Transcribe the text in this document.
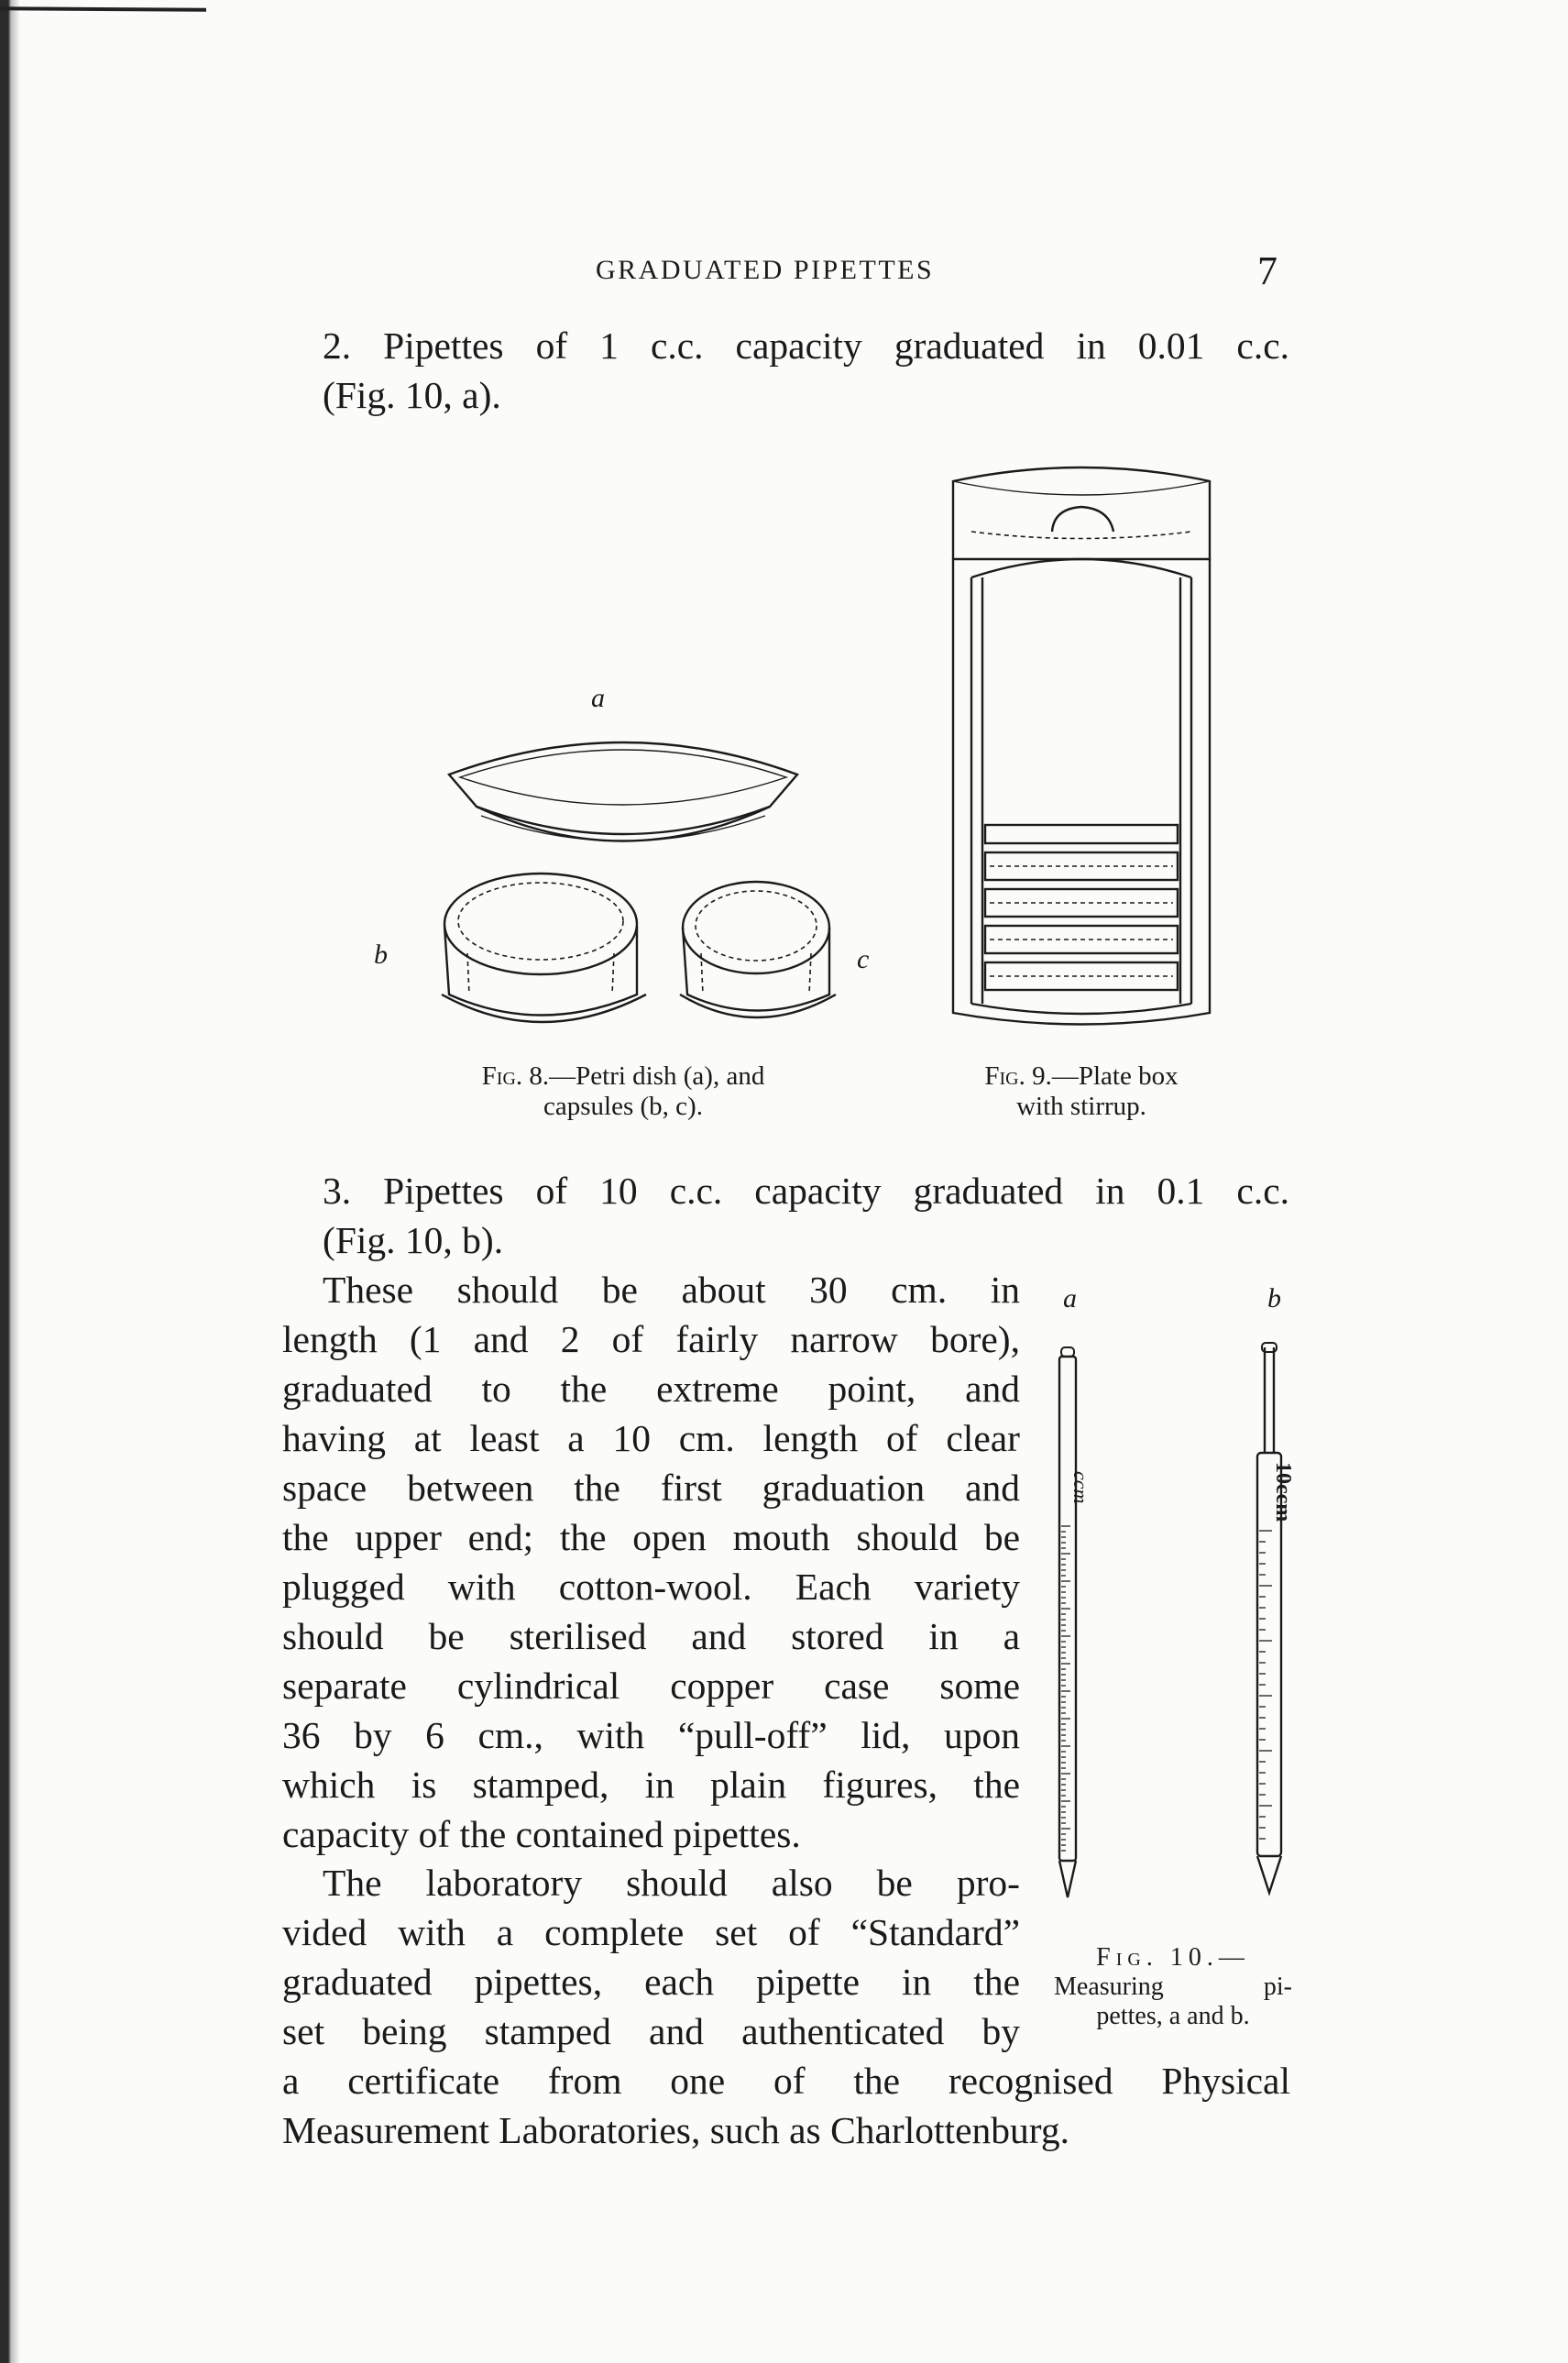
GRADUATED PIPETTES	7
2. Pipettes of 1 c.c. capacity graduated in 0.01 c.c.
(Fig. 10, a).
a
b	c
Fig. 8.—Petri dish (a), and
capsules (b, c).
Fig. 9.—Plate box
with stirrup.
3. Pipettes of 10 c.c. capacity graduated in 0.1 c.c.
(Fig. 10, b).
These should be about 30 cm. in
length (1 and 2 of fairly narrow bore),
graduated to the extreme point, and
having at least a 10 cm. length of clear
space between the first graduation and
the upper end; the open mouth should be
plugged with cotton-wool. Each variety
should be sterilised and stored in a
separate cylindrical copper case some
36 by 6 cm., with “pull-off” lid, upon
which is stamped, in plain figures, the
capacity of the contained pipettes.
The laboratory should also be pro-
vided with a complete set of “Standard”
graduated pipettes, each pipette in the
set being stamped and authenticated by
a certificate from one of the recognised Physical
Measurement Laboratories, such as Charlottenburg.
a	b
ccm	10ccm
Fig. 10.—
Measuring pi-
pettes, a and b.
